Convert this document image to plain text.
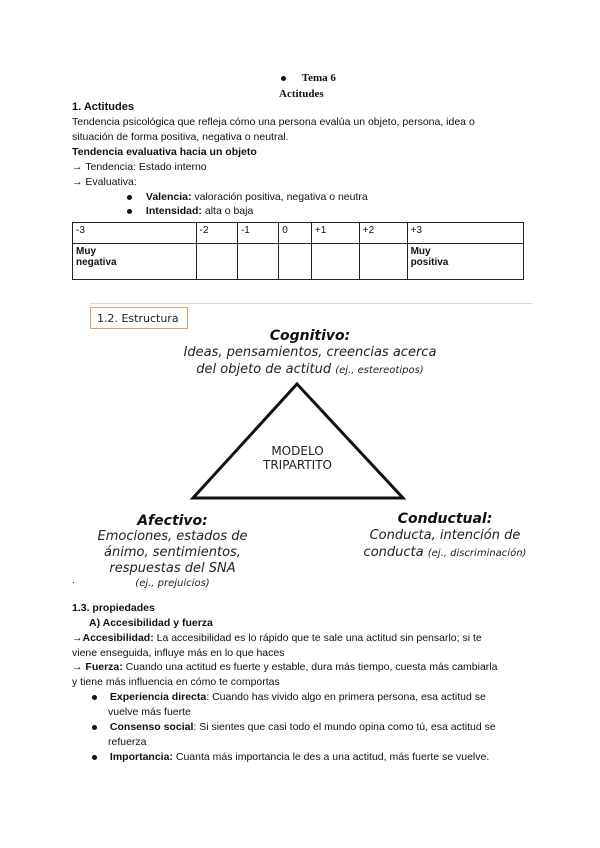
Tema 6
Actitudes
1. Actitudes
Tendencia psicológica que refleja cómo una persona evalúa un objeto, persona, idea o
situación de forma positiva, negativa o neutral.
Tendencia evaluativa hacia un objeto
→ Tendencia: Estado interno
→ Evaluativa:
Valencia: valoración positiva, negativa o neutra
Intensidad: alta o baja
-3	-2	-1	0	+1	+2	+3
Muy
negativa						Muy
positiva
1.2. Estructura
Cognitivo:
Ideas, pensamientos, creencias acerca
del objeto de actitud (ej., estereotipos)
MODELO
TRIPARTITO
Afectivo:
Emociones, estados de
ánimo, sentimientos,
respuestas del SNA
(ej., prejuicios)
.
Conductual:
Conducta, intención de
conducta (ej., discriminación)
1.3. propiedades
A) Accesibilidad y fuerza
→Accesibilidad: La accesibilidad es lo rápido que te sale una actitud sin pensarlo; si te
viene enseguida, influye más en lo que haces
→ Fuerza: Cuando una actitud es fuerte y estable, dura más tiempo, cuesta más cambiarla
y tiene más influencia en cómo te comportas
Experiencia directa: Cuando has vivido algo en primera persona, esa actitud se
vuelve más fuerte
Consenso social: Si sientes que casi todo el mundo opina como tú, esa actitud se
refuerza
Importancia: Cuanta más importancia le des a una actitud, más fuerte se vuelve.
